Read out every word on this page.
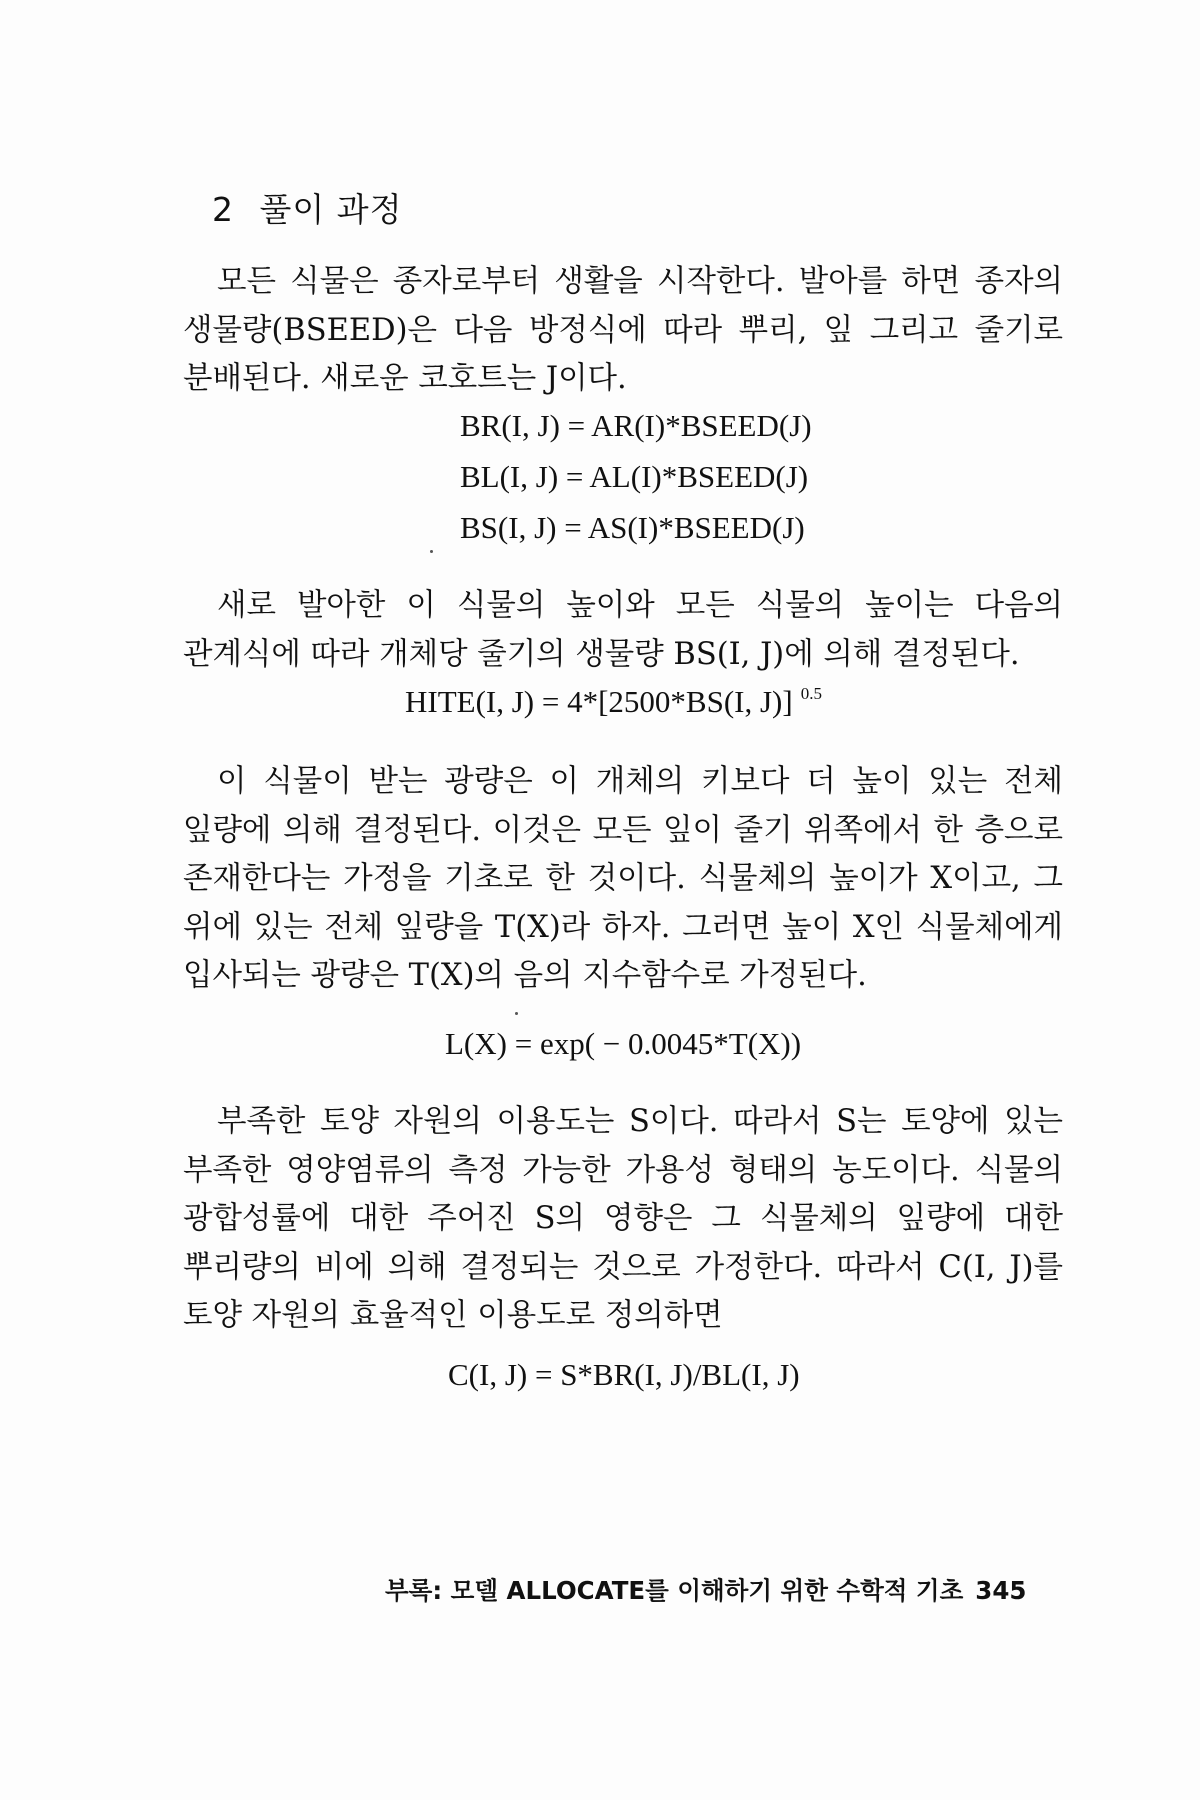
2 풀이 과정

모든 식물은 종자로부터 생활을 시작한다. 발아를 하면 종자의 생물량(BSEED)은 다음 방정식에 따라 뿌리, 잎 그리고 줄기로 분배된다. 새로운 코호트는 J이다.

BR(I, J) = AR(I)*BSEED(J)

BL(I, J) = AL(I)*BSEED(J)

BS(I, J) = AS(I)*BSEED(J)

새로 발아한 이 식물의 높이와 모든 식물의 높이는 다음의 관계식에 따라 개체당 줄기의 생물량 BS(I, J)에 의해 결정된다.

HITE(I, J) = 4*[2500*BS(I, J)] $^{0.5}$

이 식물이 받는 광량은 이 개체의 키보다 더 높이 있는 전체 잎량에 의해 결정된다. 이것은 모든 잎이 줄기 위쪽에서 한 층으로 존재한다는 가정을 기초로 한 것이다. 식물체의 높이가 X이고, 그 위에 있는 전체 잎량을 T(X)라 하자. 그러면 높이 X인 식물체에게 입사되는 광량은 T(X)의 음의 지수함수로 가정된다.

L(X) = exp( − 0.0045*T(X))

부족한 토양 자원의 이용도는 S이다. 따라서 S는 토양에 있는 부족한 영양염류의 측정 가능한 가용성 형태의 농도이다. 식물의 광합성률에 대한 주어진 S의 영향은 그 식물체의 잎량에 대한 뿌리량의 비에 의해 결정되는 것으로 가정한다. 따라서 C(I, J)를 토양 자원의 효율적인 이용도로 정의하면

C(I, J) = S*BR(I, J)/BL(I, J)

부록: 모델 ALLOCATE를 이해하기 위한 수학적 기초 345
